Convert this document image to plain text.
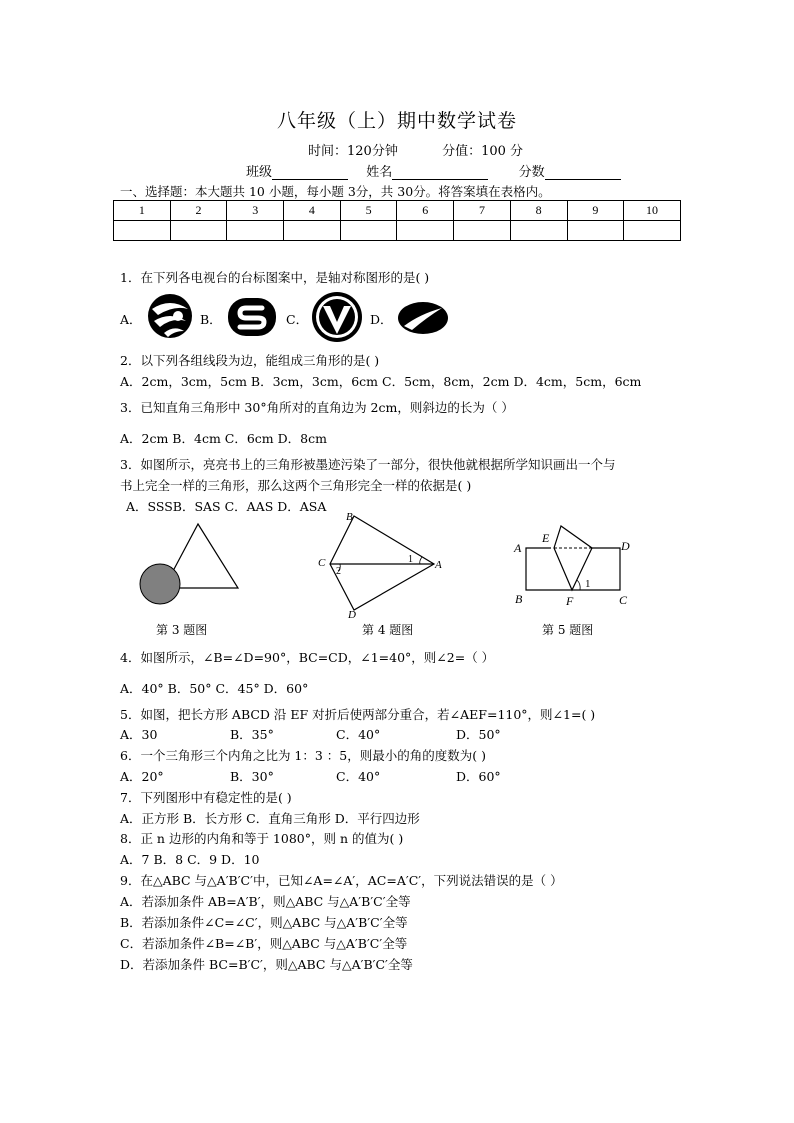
八年级（上）期中数学试卷
时间：120分钟	分值：100 分
班级	姓名	分数
一、选择题：本大题共 10 小题，每小题 3分，共 30分。将答案填在表格内。
1	2	3	4	5	6	7	8	9	10

1．在下列各电视台的台标图案中，是轴对称图形的是( )
A．	B．	C．	D．
2．以下列各组线段为边，能组成三角形的是( )
A．2cm，3cm，5cm B．3cm，3cm，6cm C．5cm，8cm，2cm D．4cm，5cm，6cm
3．已知直角三角形中 30°角所对的直角边为 2cm，则斜边的长为（ ）
A．2cm B．4cm C．6cm D．8cm
3．如图所示，亮亮书上的三角形被墨迹污染了一部分，很快他就根据所学知识画出一个与
书上完全一样的三角形，那么这两个三角形完全一样的依据是( )
A．SSSB．SAS C．AAS D．ASA
第 3 题图
B
C	A
D
1
2
第 4 题图
A
E
D
B	F	C
1
第 5 题图
4．如图所示，∠B=∠D=90°，BC=CD，∠1=40°，则∠2=（ ）
A．40° B．50° C．45° D．60°
5．如图，把长方形 ABCD 沿 EF 对折后使两部分重合，若∠AEF=110°，则∠1=( )
A．30	B．35°	C．40°	D．50°
6．一个三角形三个内角之比为 1：3 ：5，则最小的角的度数为( )
A．20°	B．30°	C．40°	D．60°
7．下列图形中有稳定性的是( )
A．正方形 B．长方形 C．直角三角形 D．平行四边形
8．正 n 边形的内角和等于 1080°，则 n 的值为( )
A．7 B．8 C．9 D．10
9．在△ABC 与△A′B′C′中，已知∠A=∠A′，AC=A′C′，下列说法错误的是（ ）
A．若添加条件 AB=A′B′，则△ABC 与△A′B′C′全等
B．若添加条件∠C=∠C′，则△ABC 与△A′B′C′全等
C．若添加条件∠B=∠B′，则△ABC 与△A′B′C′全等
D．若添加条件 BC=B′C′，则△ABC 与△A′B′C′全等
